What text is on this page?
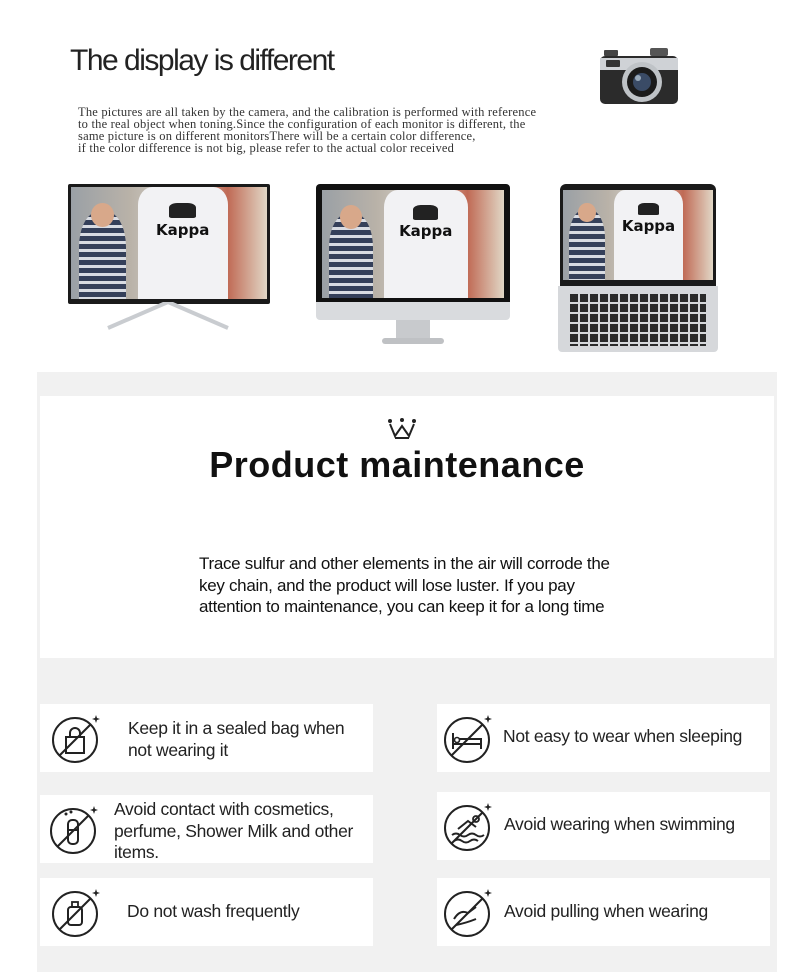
The display is different

The pictures are all taken by the camera, and the calibration is performed with reference
to the real object when toning.Since the configuration of each monitor is different, the
same picture is on different monitorsThere will be a certain color difference,
if the color difference is not big, please refer to the actual color received

Kappa	Kappa	Kappa
Product maintenance

Trace sulfur and other elements in the air will corrode the key chain, and the product will lose luster. If you pay attention to maintenance, you can keep it for a long time

Keep it in a sealed bag when not wearing it
Not easy to wear when sleeping
Avoid contact with cosmetics, perfume, Shower Milk and other items.
Avoid wearing when swimming
Do not wash frequently	Avoid pulling when wearing
